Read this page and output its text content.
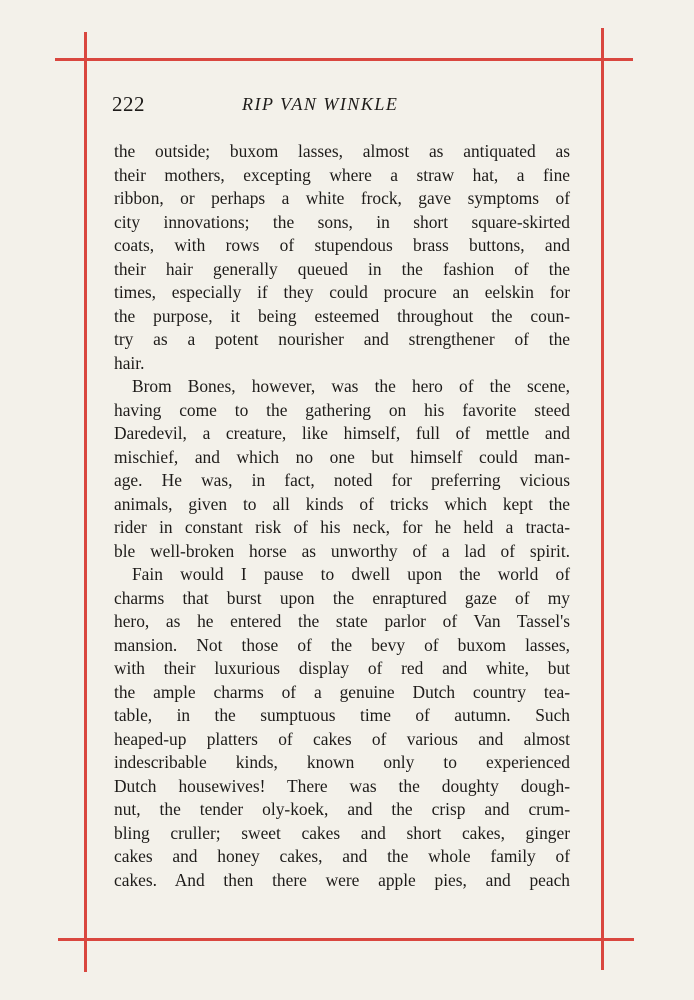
222	RIP VAN WINKLE
the outside; buxom lasses, almost as antiquated as
their mothers, excepting where a straw hat, a fine
ribbon, or perhaps a white frock, gave symptoms of
city innovations; the sons, in short square-skirted
coats, with rows of stupendous brass buttons, and
their hair generally queued in the fashion of the
times, especially if they could procure an eelskin for
the purpose, it being esteemed throughout the coun-
try as a potent nourisher and strengthener of the
hair.
Brom Bones, however, was the hero of the scene,
having come to the gathering on his favorite steed
Daredevil, a creature, like himself, full of mettle and
mischief, and which no one but himself could man-
age. He was, in fact, noted for preferring vicious
animals, given to all kinds of tricks which kept the
rider in constant risk of his neck, for he held a tracta-
ble well-broken horse as unworthy of a lad of spirit.
Fain would I pause to dwell upon the world of
charms that burst upon the enraptured gaze of my
hero, as he entered the state parlor of Van Tassel's
mansion. Not those of the bevy of buxom lasses,
with their luxurious display of red and white, but
the ample charms of a genuine Dutch country tea-
table, in the sumptuous time of autumn. Such
heaped-up platters of cakes of various and almost
indescribable kinds, known only to experienced
Dutch housewives! There was the doughty dough-
nut, the tender oly-koek, and the crisp and crum-
bling cruller; sweet cakes and short cakes, ginger
cakes and honey cakes, and the whole family of
cakes. And then there were apple pies, and peach
